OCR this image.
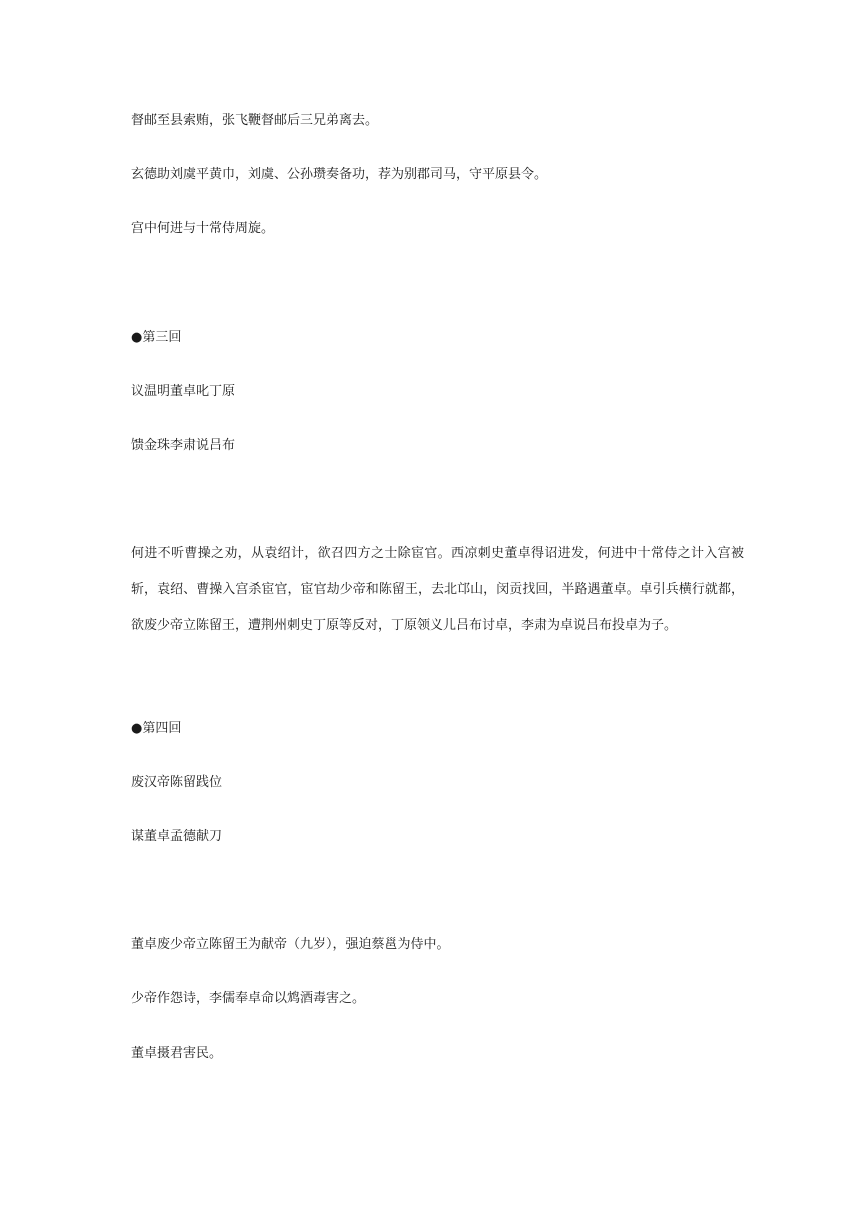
督邮至县索贿，张飞鞭督邮后三兄弟离去。
玄德助刘虞平黄巾，刘虞、公孙瓒奏备功，荐为别郡司马，守平原县令。
宫中何进与十常侍周旋。
●第三回
议温明董卓叱丁原
馈金珠李肃说吕布
何进不听曹操之劝，从袁绍计，欲召四方之士除宦官。西凉刺史董卓得诏进发，何进中十常侍之计入宫被斩，袁绍、曹操入宫杀宦官，宦官劫少帝和陈留王，去北邙山，闵贡找回，半路遇董卓。卓引兵横行就都，欲废少帝立陈留王，遭荆州刺史丁原等反对，丁原领义儿吕布讨卓，李肃为卓说吕布投卓为子。
●第四回
废汉帝陈留践位
谋董卓孟德献刀
董卓废少帝立陈留王为献帝（九岁），强迫蔡邕为侍中。
少帝作怨诗，李儒奉卓命以鸩酒毒害之。
董卓摄君害民。
